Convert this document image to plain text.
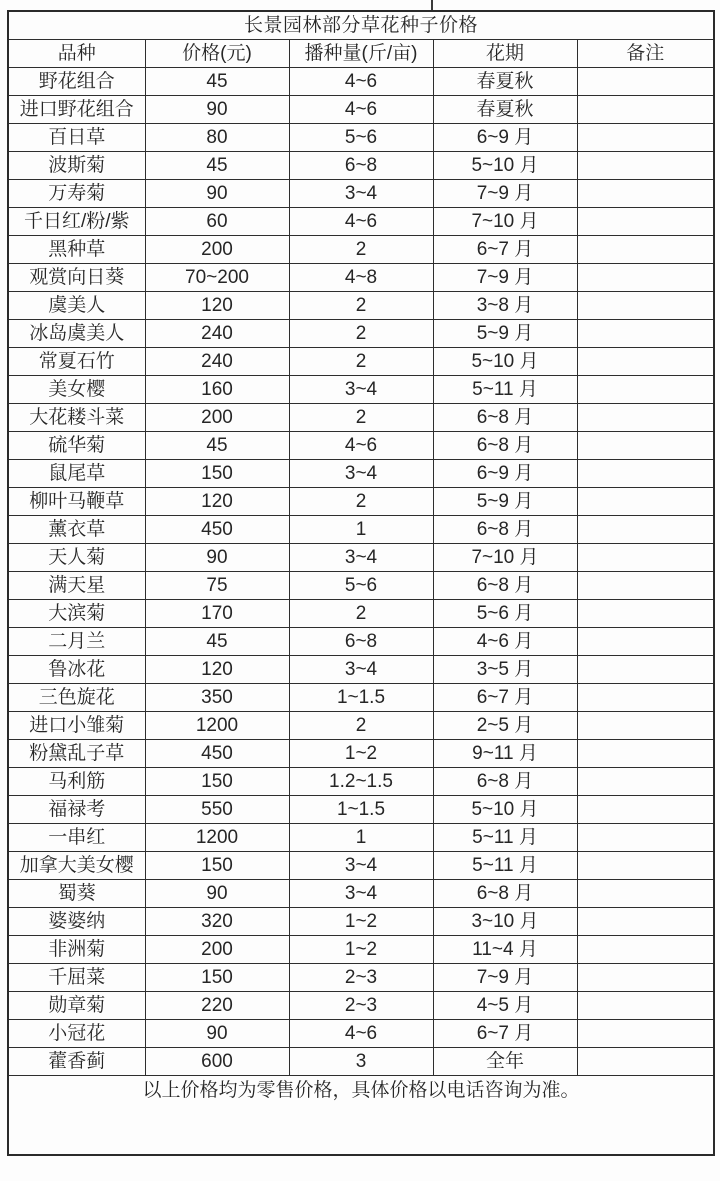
长景园林部分草花种子价格				
品种	价格(元)	播种量(斤/亩)	花期	备注
野花组合	45	4~6	春夏秋	
进口野花组合	90	4~6	春夏秋	
百日草	80	5~6	6~9 月	
波斯菊	45	6~8	5~10 月	
万寿菊	90	3~4	7~9 月	
千日红/粉/紫	60	4~6	7~10 月	
黑种草	200	2	6~7 月	
观赏向日葵	70~200	4~8	7~9 月	
虞美人	120	2	3~8 月	
冰岛虞美人	240	2	5~9 月	
常夏石竹	240	2	5~10 月	
美女樱	160	3~4	5~11 月	
大花耧斗菜	200	2	6~8 月	
硫华菊	45	4~6	6~8 月	
鼠尾草	150	3~4	6~9 月	
柳叶马鞭草	120	2	5~9 月	
薰衣草	450	1	6~8 月	
天人菊	90	3~4	7~10 月	
满天星	75	5~6	6~8 月	
大滨菊	170	2	5~6 月	
二月兰	45	6~8	4~6 月	
鲁冰花	120	3~4	3~5 月	
三色旋花	350	1~1.5	6~7 月	
进口小雏菊	1200	2	2~5 月	
粉黛乱子草	450	1~2	9~11 月	
马利筋	150	1.2~1.5	6~8 月	
福禄考	550	1~1.5	5~10 月	
一串红	1200	1	5~11 月	
加拿大美女樱	150	3~4	5~11 月	
蜀葵	90	3~4	6~8 月	
婆婆纳	320	1~2	3~10 月	
非洲菊	200	1~2	11~4 月	
千屈菜	150	2~3	7~9 月	
勋章菊	220	2~3	4~5 月	
小冠花	90	4~6	6~7 月	
藿香蓟	600	3	全年	
以上价格均为零售价格，具体价格以电话咨询为准。				
